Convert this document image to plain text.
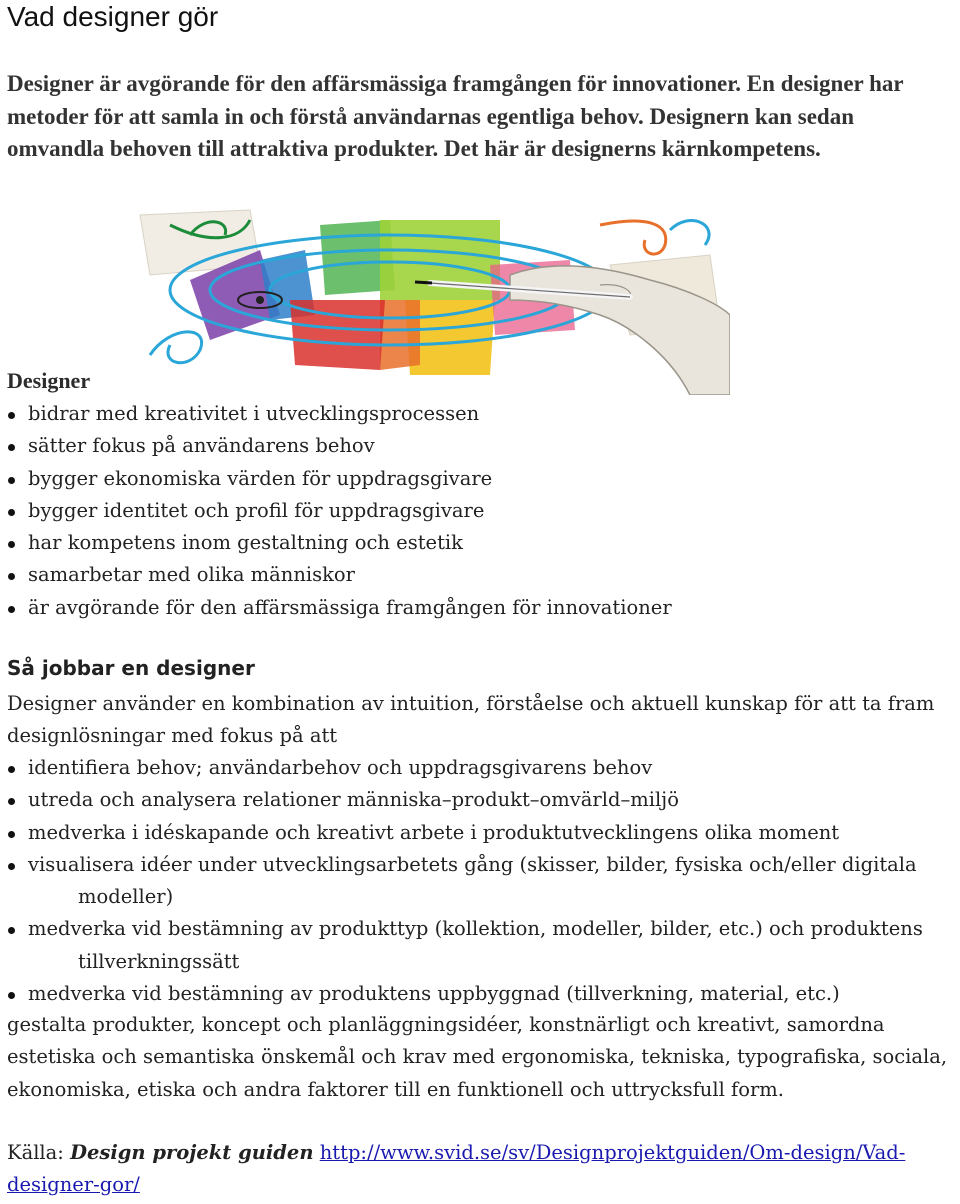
Vad designer gör

Designer är avgörande för den affärsmässiga framgången för innovationer. En designer har metoder för att samla in och förstå användarnas egentliga behov. Designern kan sedan omvandla behoven till attraktiva produkter. Det här är designerns kärnkompetens.

Designer
bidrar med kreativitet i utvecklingsprocessen
sätter fokus på användarens behov
bygger ekonomiska värden för uppdragsgivare
bygger identitet och profil för uppdragsgivare
har kompetens inom gestaltning och estetik
samarbetar med olika människor
är avgörande för den affärsmässiga framgången för innovationer
Så jobbar en designer

Designer använder en kombination av intuition, förståelse och aktuell kunskap för att ta fram designlösningar med fokus på att

identifiera behov; användarbehov och uppdragsgivarens behov
utreda och analysera relationer människa–produkt–omvärld–miljö
medverka i idéskapande och kreativt arbete i produktutvecklingens olika moment
visualisera idéer under utvecklingsarbetets gång (skisser, bilder, fysiska och/eller digitala
modeller)
medverka vid bestämning av produkttyp (kollektion, modeller, bilder, etc.) och produktens
tillverkningssätt
medverka vid bestämning av produktens uppbyggnad (tillverkning, material, etc.)

gestalta produkter, koncept och planläggningsidéer, konstnärligt och kreativt, samordna estetiska och semantiska önskemål och krav med ergonomiska, tekniska, typografiska, sociala, ekonomiska, etiska och andra faktorer till en funktionell och uttrycksfull form.

Källa: Design projekt guiden http://www.svid.se/sv/Designprojektguiden/Om-design/Vad-designer-gor/
